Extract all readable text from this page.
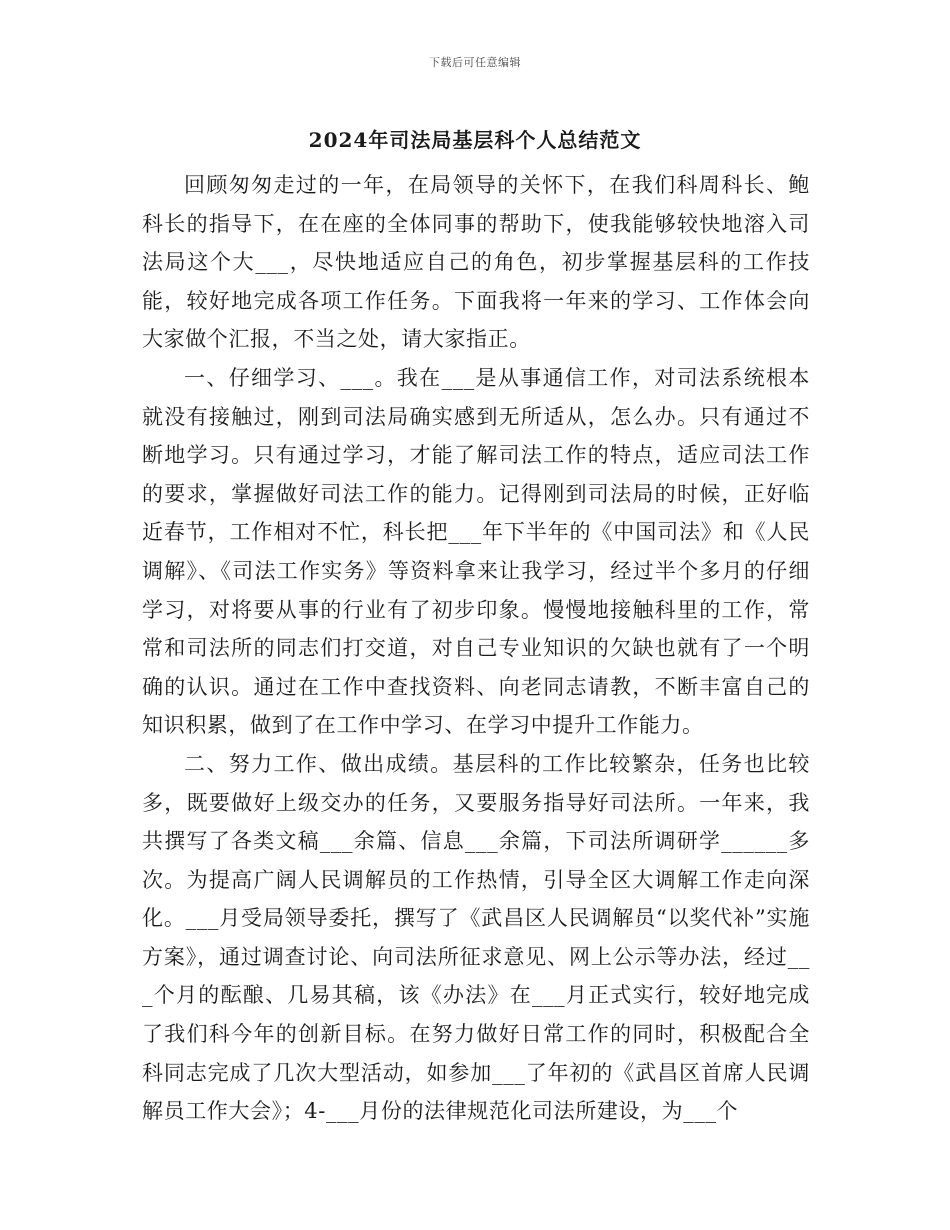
下载后可任意编辑
2024年司法局基层科个人总结范文

回顾匆匆走过的一年，在局领导的关怀下，在我们科周科长、鲍科长的指导下，在在座的全体同事的帮助下，使我能够较快地溶入司法局这个大___，尽快地适应自己的角色，初步掌握基层科的工作技能，较好地完成各项工作任务。下面我将一年来的学习、工作体会向大家做个汇报，不当之处，请大家指正。

一、仔细学习、___。我在___是从事通信工作，对司法系统根本就没有接触过，刚到司法局确实感到无所适从，怎么办。只有通过不断地学习。只有通过学习，才能了解司法工作的特点，适应司法工作的要求，掌握做好司法工作的能力。记得刚到司法局的时候，正好临近春节，工作相对不忙，科长把___年下半年的《中国司法》和《人民调解》、《司法工作实务》等资料拿来让我学习，经过半个多月的仔细学习，对将要从事的行业有了初步印象。慢慢地接触科里的工作，常常和司法所的同志们打交道，对自己专业知识的欠缺也就有了一个明确的认识。通过在工作中查找资料、向老同志请教，不断丰富自己的知识积累，做到了在工作中学习、在学习中提升工作能力。

二、努力工作、做出成绩。基层科的工作比较繁杂，任务也比较多，既要做好上级交办的任务，又要服务指导好司法所。一年来，我共撰写了各类文稿___余篇、信息___余篇，下司法所调研学______多次。为提高广阔人民调解员的工作热情，引导全区大调解工作走向深化。___月受局领导委托，撰写了《武昌区人民调解员“以奖代补”实施方案》，通过调查讨论、向司法所征求意见、网上公示等办法，经过___个月的酝酿、几易其稿，该《办法》在___月正式实行，较好地完成了我们科今年的创新目标。在努力做好日常工作的同时，积极配合全科同志完成了几次大型活动，如参加___了年初的《武昌区首席人民调解员工作大会》；4-___月份的法律规范化司法所建设，为___个
